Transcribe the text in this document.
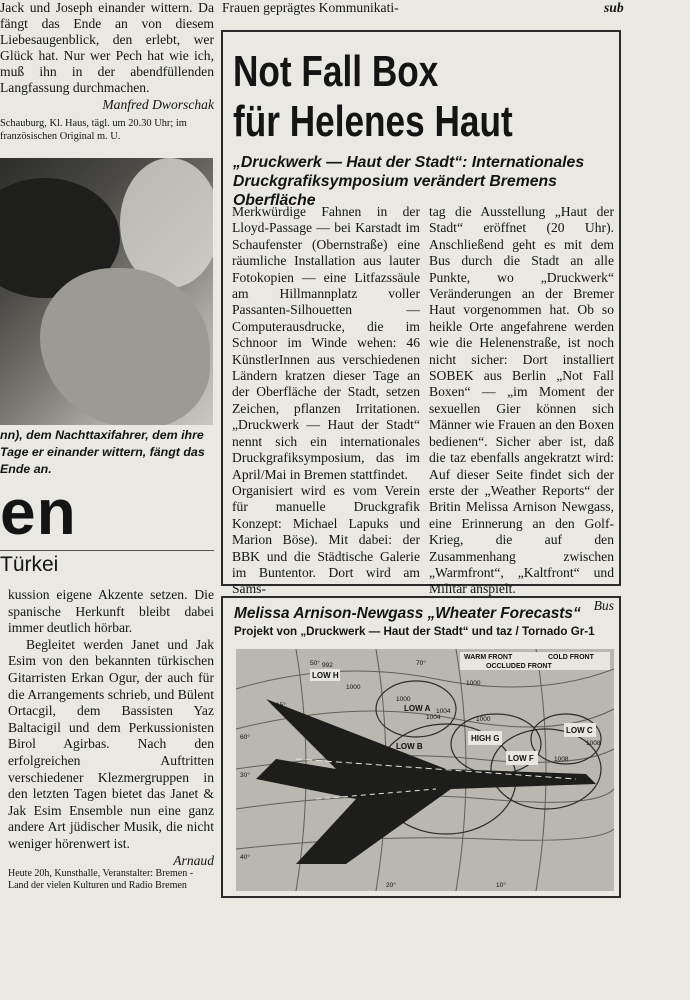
Frauen geprägtes Kommunikati-	sub
Jack und Joseph einander wittern. Da fängt das Ende an von diesem Liebesaugenblick, den erlebt, wer Glück hat. Nur wer Pech hat wie ich, muß ihn in der abendfüllenden Langfassung durchmachen.
Manfred Dworschak
Schauburg, Kl. Haus, tägl. um 20.30 Uhr; im französischen Original m. U.
nn), dem Nachttaxifahrer, dem ihre Tage er einander wittern, fängt das Ende an.
en
Türkei

kussion eigene Akzente setzen. Die spanische Herkunft bleibt dabei immer deutlich hörbar.

Begleitet werden Janet und Jak Esim von den bekannten türkischen Gitarristen Erkan Ogur, der auch für die Arrangements schrieb, und Bülent Ortacgil, dem Bassisten Yaz Baltacigil und dem Perkussionisten Birol Agirbas. Nach den erfolgreichen Auftritten verschiedener Klezmergruppen in den letzten Tagen bietet das Janet & Jak Esim Ensemble nun eine ganz andere Art jüdischer Musik, die nicht weniger hörenwert ist.

Arnaud
Heute 20h, Kunsthalle, Veranstalter: Bremen - Land der vielen Kulturen und Radio Bremen
Not Fall Box
für Helenes Haut
„Druckwerk — Haut der Stadt“: Internationales Druckgrafiksymposium verändert Bremens Oberfläche

Merkwürdige Fahnen in der Lloyd-Passage — bei Karstadt im Schaufenster (Obernstraße) eine räumliche Installation aus lauter Fotokopien — eine Litfazssäule am Hillmannplatz voller Passanten-Silhouetten — Computerausdrucke, die im Schnoor im Winde wehen: 46 KünstlerInnen aus verschiedenen Ländern kratzen dieser Tage an der Oberfläche der Stadt, setzen Zeichen, pflanzen Irritationen. „Druckwerk — Haut der Stadt“ nennt sich ein internationales Druckgrafiksymposium, das im April/Mai in Bremen stattfindet.

Organisiert wird es vom Verein für manuelle Druckgrafik Konzept: Michael Lapuks und Marion Böse). Mit dabei: der BBK und die Städtische Galerie im Buntentor. Dort wird am Sams-

tag die Ausstellung „Haut der Stadt“ eröffnet (20 Uhr). Anschließend geht es mit dem Bus durch die Stadt an alle Punkte, wo „Druckwerk“ Veränderungen an der Bremer Haut vorgenommen hat. Ob so heikle Orte angefahrene werden wie die Helenenstraße, ist noch nicht sicher: Dort installiert SOBEK aus Berlin „Not Fall Boxen“ — „im Moment der sexuellen Gier können sich Männer wie Frauen an den Boxen bedienen“. Sicher aber ist, daß die taz ebenfalls angekratzt wird: Auf dieser Seite findet sich der erste der „Weather Reports“ der Britin Melissa Arnison Newgass, eine Erinnerung an den Golf-Krieg, die auf den Zusammenhang zwischen „Warmfront“, „Kaltfront“ und Militär anspielt.

Bus
Melissa Arnison-Newgass „Wheater Forecasts“
Projekt von „Druckwerk — Haut der Stadt“ und taz / Tornado Gr-1
WARM FRONT	COLD FRONT
OCCLUDED FRONT
LOW H
HIGH G
LOW C
LOW F
LOW A
LOW B
992
1000
1000
1000
1004
1008
1008
1000
1004
70°
60°
50°
40°
30°
20°	10°
15°
